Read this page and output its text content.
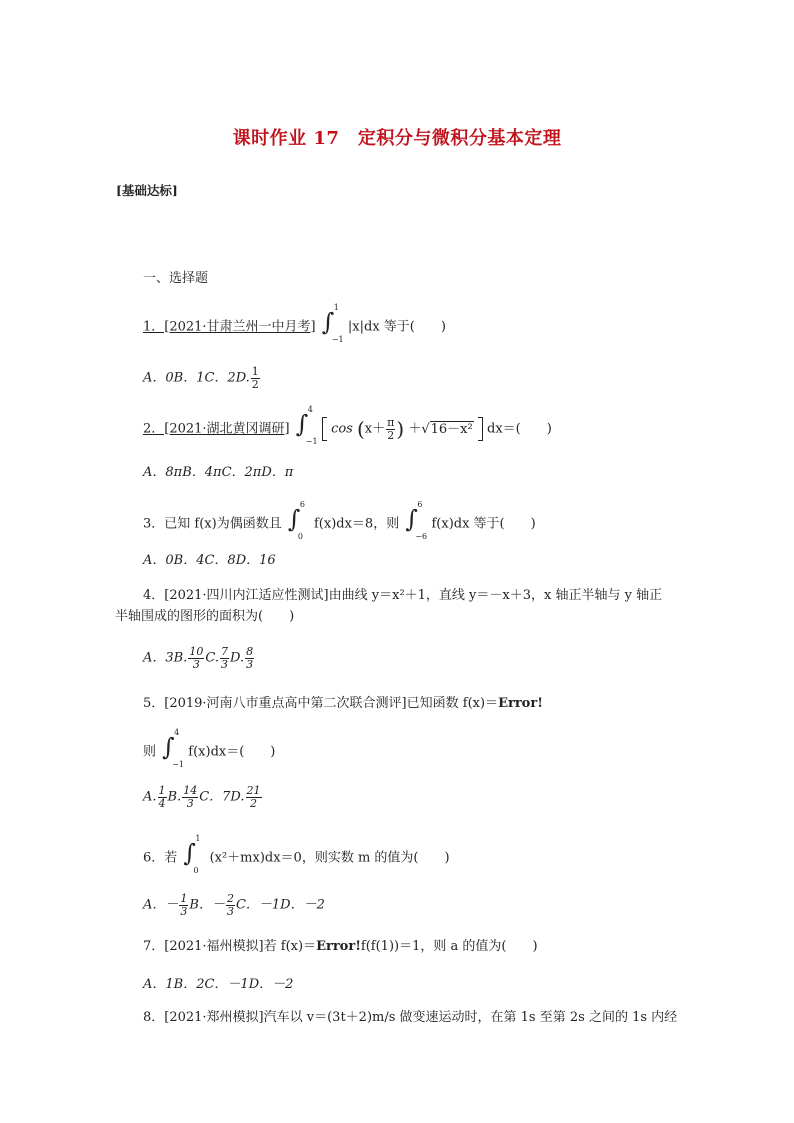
课时作业 17　定积分与微积分基本定理
[基础达标]
一、选择题
1．[2021·甘肃兰州一中月考] ∫
1
−1
|x|dx 等于(　　)
A．0B．1C．2D. $\frac{1}{2}$
2．[2021·湖北黄冈调研] ∫
4
−1
$\cos (x+ \frac{\pi}{2}$ ) ＋√16－x² dx＝(　　)
A．8πB．4πC．2πD．π
3．已知 f(x)为偶函数且 ∫
6
0
f(x)dx＝8，则 ∫
6
−6
f(x)dx 等于(　　)
A．0B．4C．8D．16
4．[2021·四川内江适应性测试]由曲线 y＝x²＋1，直线 y＝－x＋3，x 轴正半轴与 y 轴正
半轴围成的图形的面积为(　　)
A．3B. $\frac{10}{3} C$. $\frac{7}{3} D$. $\frac{8}{3}$
5．[2019·河南八市重点高中第二次联合测评]已知函数 f(x)＝Error!
则 ∫
4
−1
f(x)dx＝(　　)
A. $\frac{1}{4} B$. $\frac{14}{3}$ C．7D. $\frac{21}{2}$
6．若 ∫
1
0
(x²＋mx)dx＝0，则实数 m 的值为(　　)
A．－ $\frac{1}{3}$ B．－ $\frac{2}{3}$ C．－1D．－2
7．[2021·福州模拟]若 f(x)＝Error!f(f(1))＝1，则 a 的值为(　　)
A．1B．2C．－1D．－2
8．[2021·郑州模拟]汽车以 v＝(3t＋2)m/s 做变速运动时，在第 1s 至第 2s 之间的 1s 内经
